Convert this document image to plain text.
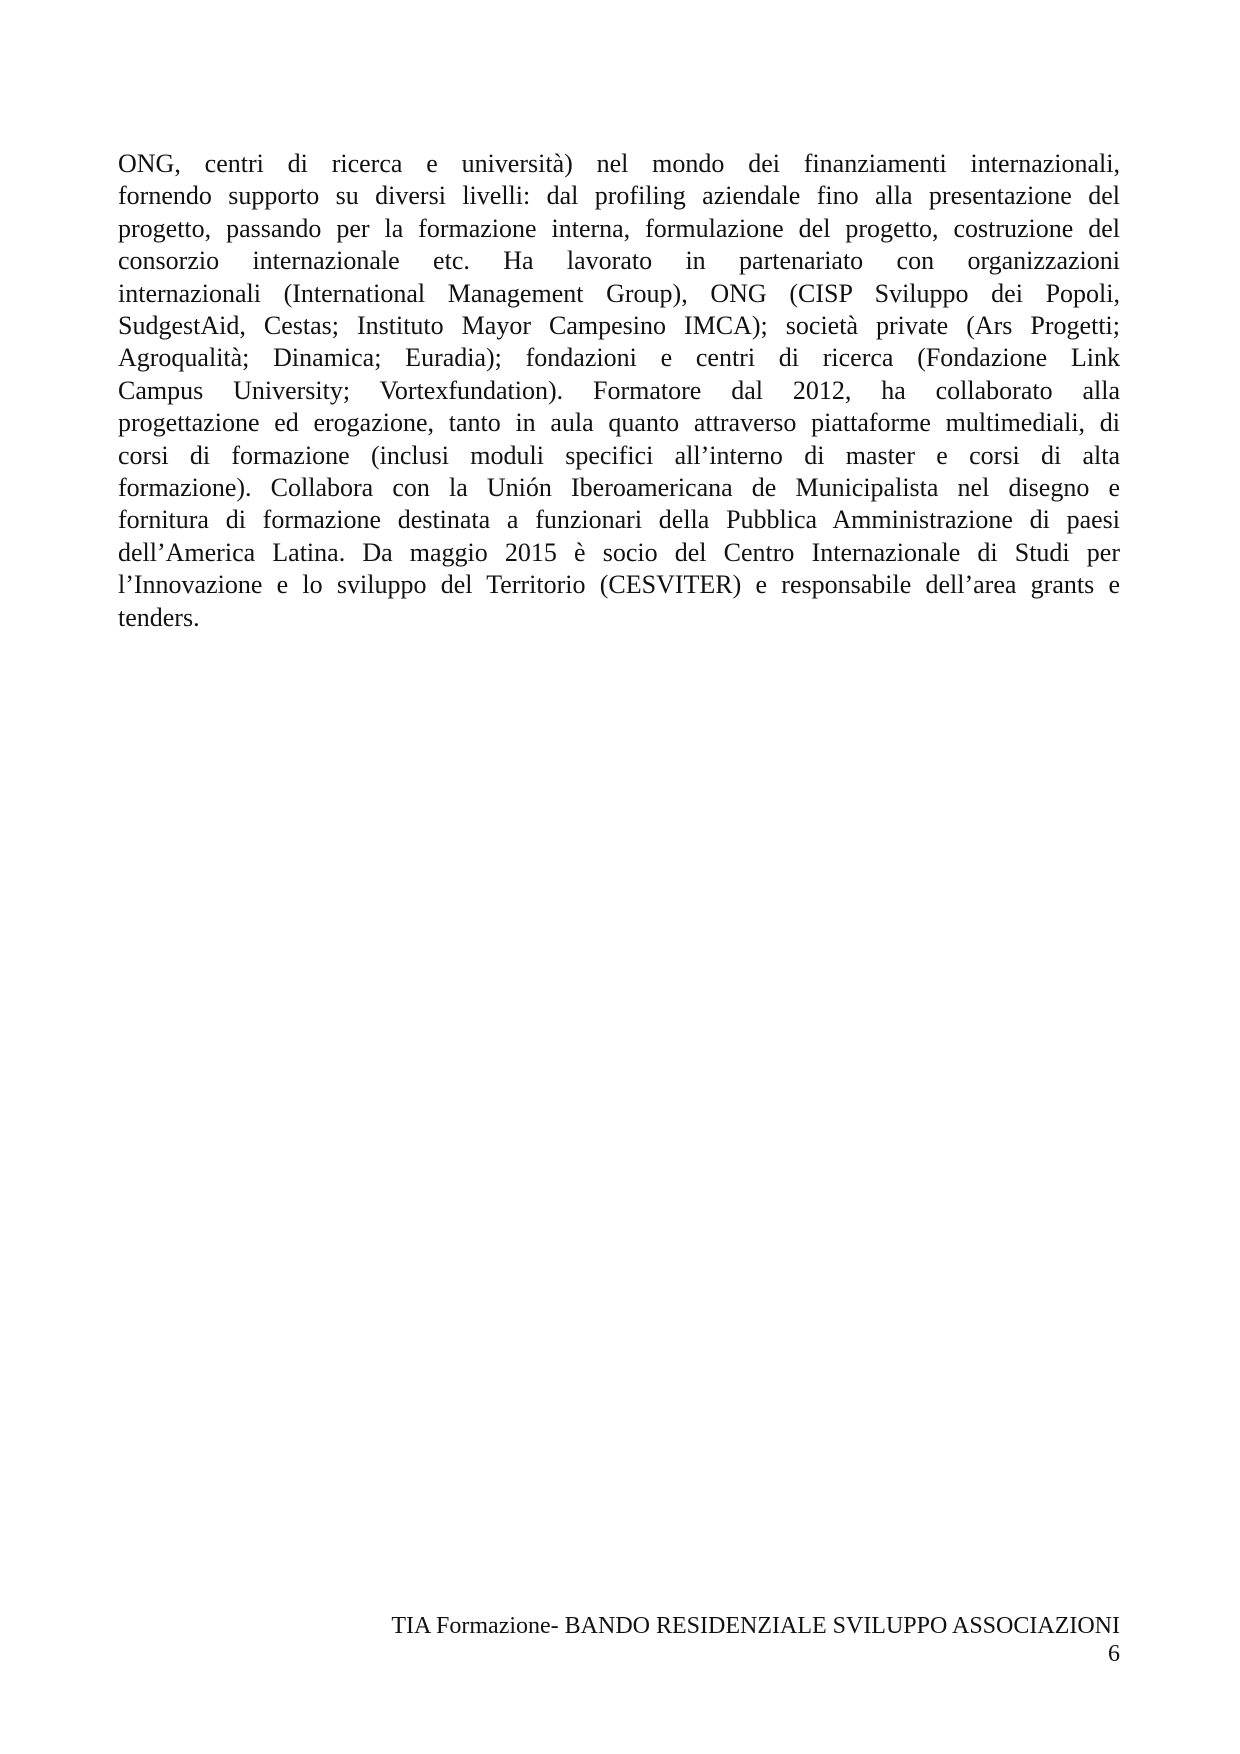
ONG, centri di ricerca e università) nel mondo dei finanziamenti internazionali,
fornendo supporto su diversi livelli: dal profiling aziendale fino alla presentazione del
progetto, passando per la formazione interna, formulazione del progetto, costruzione del
consorzio internazionale etc. Ha lavorato in partenariato con organizzazioni
internazionali (International Management Group), ONG (CISP Sviluppo dei Popoli,
SudgestAid, Cestas; Instituto Mayor Campesino IMCA); società private (Ars Progetti;
Agroqualità; Dinamica; Euradia); fondazioni e centri di ricerca (Fondazione Link
Campus University; Vortexfundation). Formatore dal 2012, ha collaborato alla
progettazione ed erogazione, tanto in aula quanto attraverso piattaforme multimediali, di
corsi di formazione (inclusi moduli specifici all’interno di master e corsi di alta
formazione). Collabora con la Unión Iberoamericana de Municipalista nel disegno e
fornitura di formazione destinata a funzionari della Pubblica Amministrazione di paesi
dell’America Latina. Da maggio 2015 è socio del Centro Internazionale di Studi per
l’Innovazione e lo sviluppo del Territorio (CESVITER) e responsabile dell’area grants e
tenders.

TIA Formazione- BANDO RESIDENZIALE SVILUPPO ASSOCIAZIONI
6
